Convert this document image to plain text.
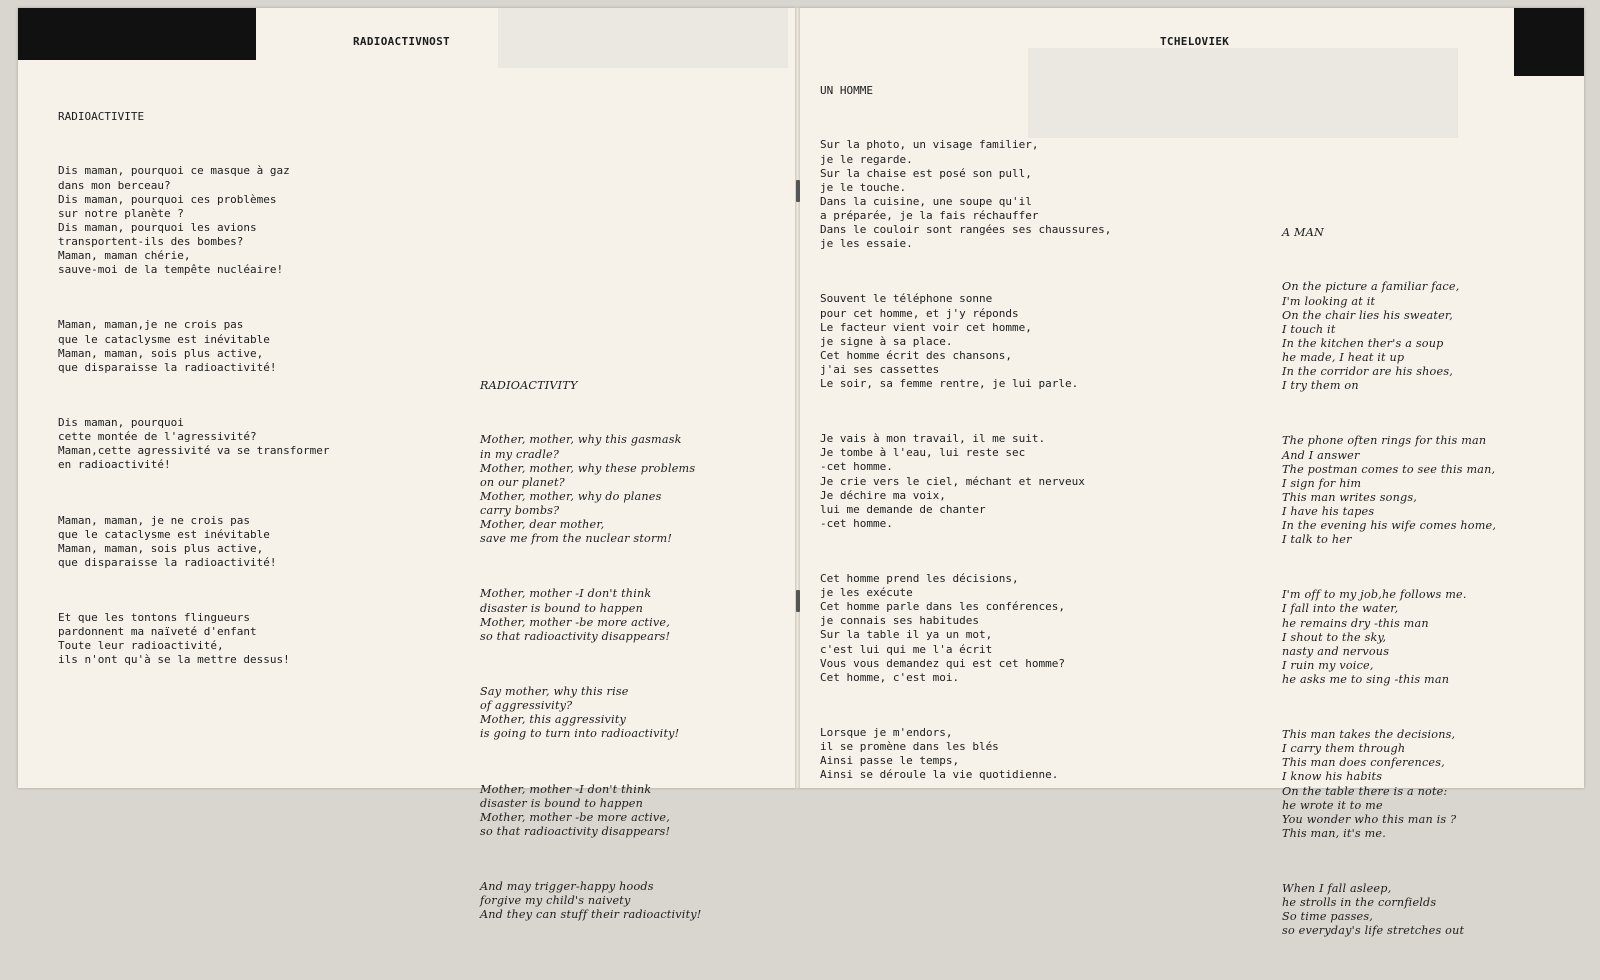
RADIOACTIVNOST

RADIOACTIVITE

Dis maman, pourquoi ce masque à gaz
dans mon berceau?
Dis maman, pourquoi ces problèmes
sur notre planète ?
Dis maman, pourquoi les avions
transportent-ils des bombes?
Maman, maman chérie,
sauve-moi de la tempête nucléaire!

Maman, maman,je ne crois pas
que le cataclysme est inévitable
Maman, maman, sois plus active,
que disparaisse la radioactivité!

Dis maman, pourquoi
cette montée de l'agressivité?
Maman,cette agressivité va se transformer
en radioactivité!

Maman, maman, je ne crois pas
que le cataclysme est inévitable
Maman, maman, sois plus active,
que disparaisse la radioactivité!

Et que les tontons flingueurs
pardonnent ma naïveté d'enfant
Toute leur radioactivité,
ils n'ont qu'à se la mettre dessus!

RADIOACTIVITY

Mother, mother, why this gasmask
in my cradle?
Mother, mother, why these problems
on our planet?
Mother, mother, why do planes
carry bombs?
Mother, dear mother,
save me from the nuclear storm!

Mother, mother -I don't think
disaster is bound to happen
Mother, mother -be more active,
so that radioactivity disappears!

Say mother, why this rise
of aggressivity?
Mother, this aggressivity
is going to turn into radioactivity!

Mother, mother -I don't think
disaster is bound to happen
Mother, mother -be more active,
so that radioactivity disappears!

And may trigger-happy hoods
forgive my child's naivety
And they can stuff their radioactivity!

TCHELOVIEK

UN HOMME

Sur la photo, un visage familier,
je le regarde.
Sur la chaise est posé son pull,
je le touche.
Dans la cuisine, une soupe qu'il
a préparée, je la fais réchauffer
Dans le couloir sont rangées ses chaussures,
je les essaie.

Souvent le téléphone sonne
pour cet homme, et j'y réponds
Le facteur vient voir cet homme,
je signe à sa place.
Cet homme écrit des chansons,
j'ai ses cassettes
Le soir, sa femme rentre, je lui parle.

Je vais à mon travail, il me suit.
Je tombe à l'eau, lui reste sec
-cet homme.
Je crie vers le ciel, méchant et nerveux
Je déchire ma voix,
lui me demande de chanter
-cet homme.

Cet homme prend les décisions,
je les exécute
Cet homme parle dans les conférences,
je connais ses habitudes
Sur la table il ya un mot,
c'est lui qui me l'a écrit
Vous vous demandez qui est cet homme?
Cet homme, c'est moi.

Lorsque je m'endors,
il se promène dans les blés
Ainsi passe le temps,
Ainsi se déroule la vie quotidienne.

A MAN

On the picture a familiar face,
I'm looking at it
On the chair lies his sweater,
I touch it
In the kitchen ther's a soup
he made, I heat it up
In the corridor are his shoes,
I try them on

The phone often rings for this man
And I answer
The postman comes to see this man,
I sign for him
This man writes songs,
I have his tapes
In the evening his wife comes home,
I talk to her

I'm off to my job,he follows me.
I fall into the water,
he remains dry -this man
I shout to the sky,
nasty and nervous
I ruin my voice,
he asks me to sing -this man

This man takes the decisions,
I carry them through
This man does conferences,
I know his habits
On the table there is a note:
he wrote it to me
You wonder who this man is ?
This man, it's me.

When I fall asleep,
he strolls in the cornfields
So time passes,
so everyday's life stretches out
